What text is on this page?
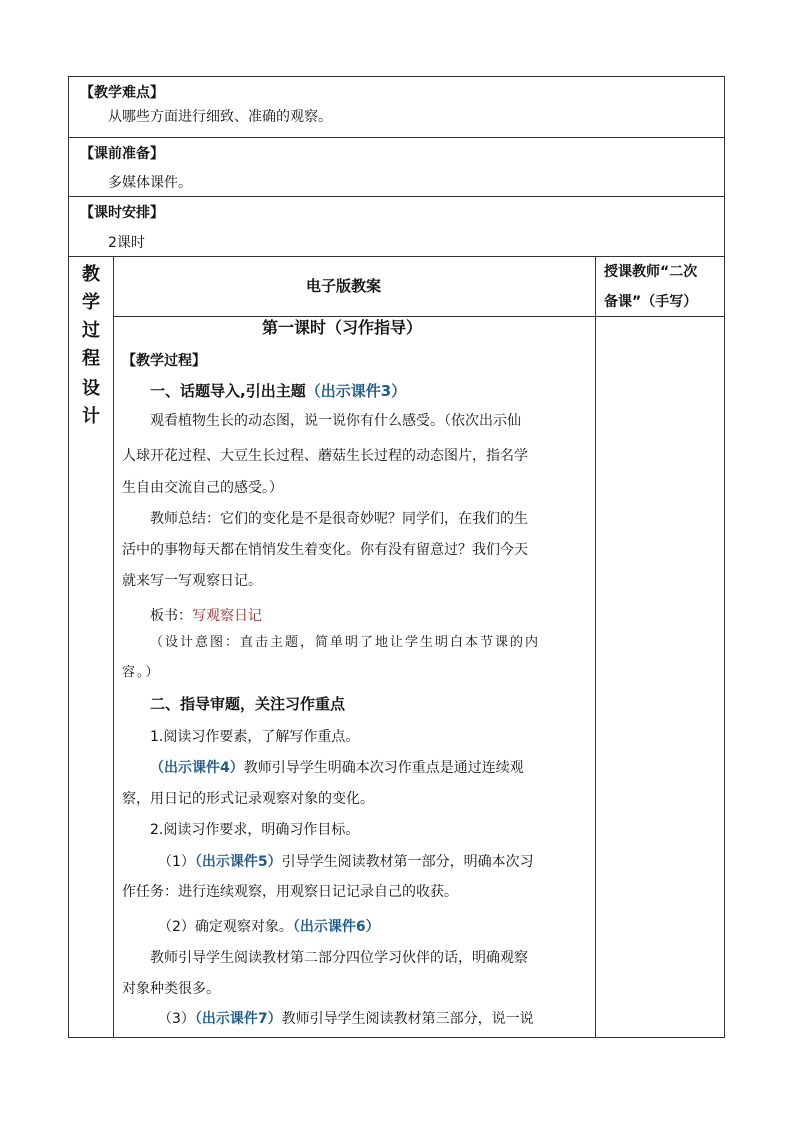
【教学难点】
从哪些方面进行细致、准确的观察。
【课前准备】
多媒体课件。
【课时安排】
2课时
教
学
过
程
设
计
电子版教案
授课教师“二次
备课”（手写）
第一课时（习作指导）
【教学过程】
一、话题导入,引出主题（出示课件3）
观看植物生长的动态图，说一说你有什么感受。（依次出示仙
人球开花过程、大豆生长过程、蘑菇生长过程的动态图片，指名学
生自由交流自己的感受。）
教师总结：它们的变化是不是很奇妙呢？同学们，在我们的生
活中的事物每天都在悄悄发生着变化。你有没有留意过？我们今天
就来写一写观察日记。
板书：写观察日记
（设计意图：直击主题，简单明了地让学生明白本节课的内
容。）
二、指导审题，关注习作重点
1.阅读习作要素，了解写作重点。
（出示课件4）教师引导学生明确本次习作重点是通过连续观
察，用日记的形式记录观察对象的变化。
2.阅读习作要求，明确习作目标。
（1）（出示课件5）引导学生阅读教材第一部分，明确本次习
作任务：进行连续观察，用观察日记记录自己的收获。
（2）确定观察对象。（出示课件6）
教师引导学生阅读教材第二部分四位学习伙伴的话，明确观察
对象种类很多。
（3）（出示课件7）教师引导学生阅读教材第三部分，说一说
